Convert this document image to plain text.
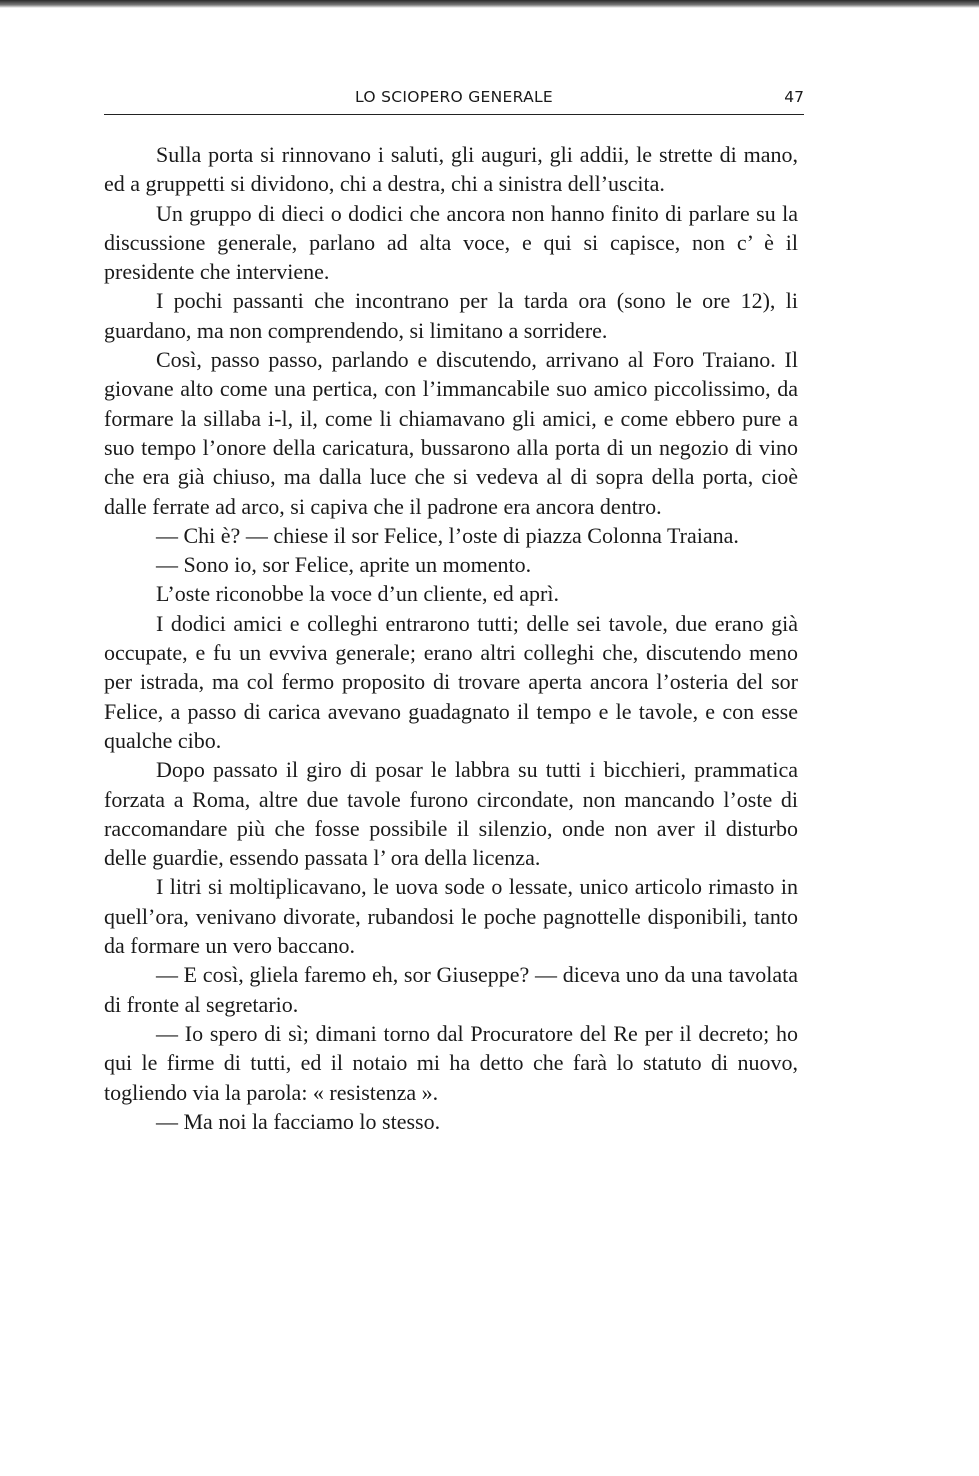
LO SCIOPERO GENERALE	47

Sulla porta si rinnovano i saluti, gli auguri, gli addii, le strette di mano, ed a gruppetti si dividono, chi a destra, chi a sinistra dell’uscita.

Un gruppo di dieci o dodici che ancora non hanno finito di parlare su la discussione generale, parlano ad alta voce, e qui si capisce, non c’ è il presidente che interviene.

I pochi passanti che incontrano per la tarda ora (sono le ore 12), li guardano, ma non comprendendo, si limitano a sorridere.

Così, passo passo, parlando e discutendo, arrivano al Foro Traiano. Il giovane alto come una pertica, con l’immancabile suo amico piccolissimo, da formare la sillaba i-l, il, come li chiamavano gli amici, e come ebbero pure a suo tempo l’onore della caricatura, bussarono alla porta di un negozio di vino che era già chiuso, ma dalla luce che si vedeva al di sopra della porta, cioè dalle ferrate ad arco, si capiva che il padrone era ancora dentro.

— Chi è? — chiese il sor Felice, l’oste di piazza Colonna Traiana.

— Sono io, sor Felice, aprite un momento.

L’oste riconobbe la voce d’un cliente, ed aprì.

I dodici amici e colleghi entrarono tutti; delle sei tavole, due erano già occupate, e fu un evviva generale; erano altri colleghi che, discutendo meno per istrada, ma col fermo proposito di trovare aperta ancora l’osteria del sor Felice, a passo di carica avevano guadagnato il tempo e le tavole, e con esse qualche cibo.

Dopo passato il giro di posar le labbra su tutti i bicchieri, prammatica forzata a Roma, altre due tavole furono circondate, non mancando l’oste di raccomandare più che fosse possibile il silenzio, onde non aver il disturbo delle guardie, essendo passata l’ ora della licenza.

I litri si moltiplicavano, le uova sode o lessate, unico articolo rimasto in quell’ora, venivano divorate, rubandosi le poche pagnottelle disponibili, tanto da formare un vero baccano.

— E così, gliela faremo eh, sor Giuseppe? — diceva uno da una tavolata di fronte al segretario.

— Io spero di sì; dimani torno dal Procuratore del Re per il decreto; ho qui le firme di tutti, ed il notaio mi ha detto che farà lo statuto di nuovo, togliendo via la parola: « resistenza ».

— Ma noi la facciamo lo stesso.
